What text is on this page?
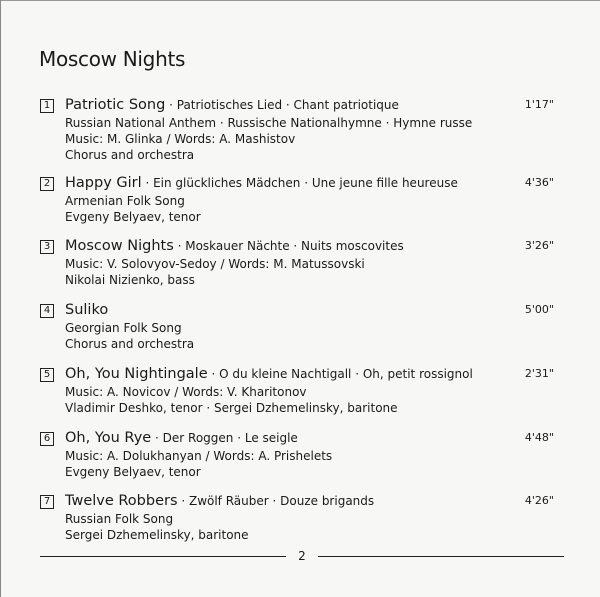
Moscow Nights
1 Patriotic Song · Patriotisches Lied · Chant patriotique
Russian National Anthem · Russische Nationalhymne · Hymne russe
Music: M. Glinka / Words: A. Mashistov
Chorus and orchestra
1'17"
2 Happy Girl · Ein glückliches Mädchen · Une jeune fille heureuse
Armenian Folk Song
Evgeny Belyaev, tenor
4'36"
3 Moscow Nights · Moskauer Nächte · Nuits moscovites
Music: V. Solovyov-Sedoy / Words: M. Matussovski
Nikolai Nizienko, bass
3'26"
4 Suliko
Georgian Folk Song
Chorus and orchestra
5'00"
5 Oh, You Nightingale · O du kleine Nachtigall · Oh, petit rossignol
Music: A. Novicov / Words: V. Kharitonov
Vladimir Deshko, tenor · Sergei Dzhemelinsky, baritone
2'31"
6 Oh, You Rye · Der Roggen · Le seigle
Music: A. Dolukhanyan / Words: A. Prishelets
Evgeny Belyaev, tenor
4'48"
7 Twelve Robbers · Zwölf Räuber · Douze brigands
Russian Folk Song
Sergei Dzhemelinsky, baritone
4'26"
2
